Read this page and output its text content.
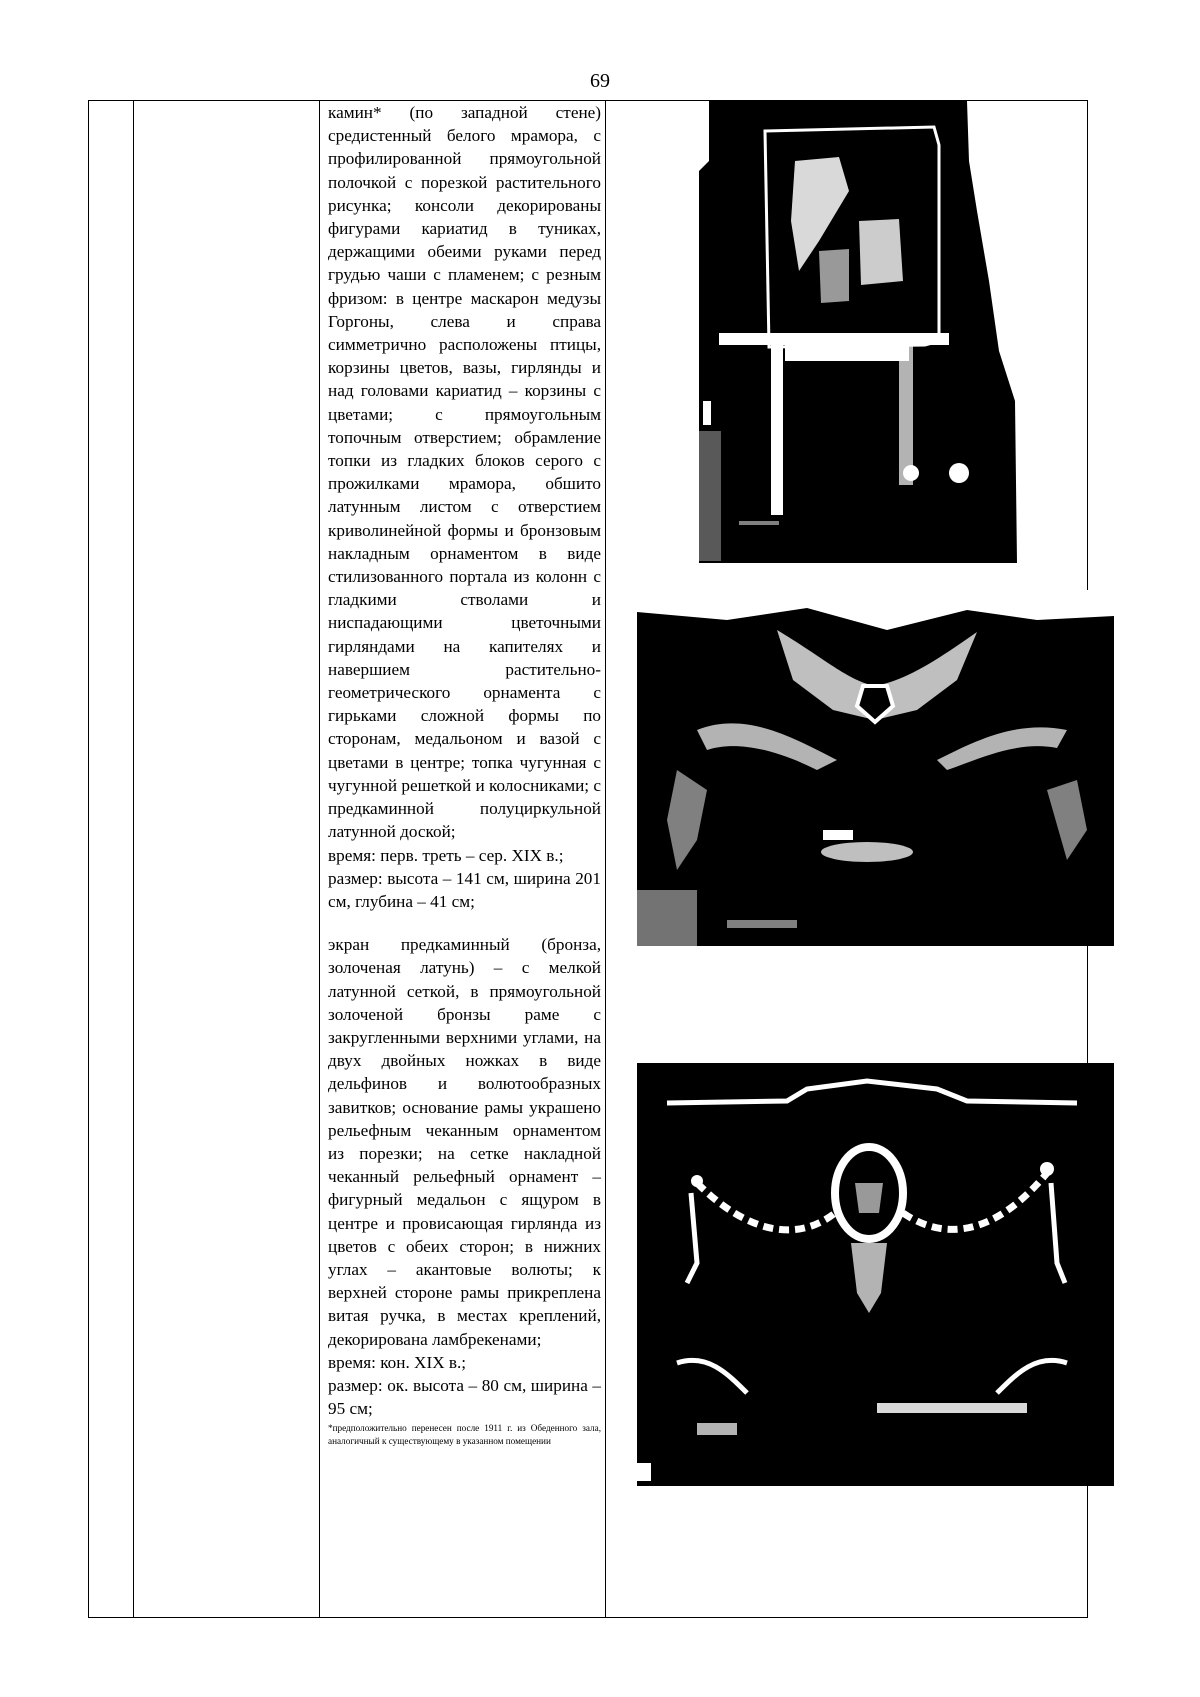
69

камин* (по западной стене) средистенный белого мрамора, с профилированной прямоугольной полочкой с порезкой растительного рисунка; консоли декорированы фигурами кариатид в туниках, держащими обеими руками перед грудью чаши с пламенем; с резным фризом: в центре маскарон медузы Горгоны, слева и справа симметрично расположены птицы, корзины цветов, вазы, гирлянды и над головами кариатид – корзины с цветами; с прямоугольным топочным отверстием; обрамление топки из гладких блоков серого с прожилками мрамора, обшито латунным листом с отверстием криволинейной формы и бронзовым накладным орнаментом в виде стилизованного портала из колонн с гладкими стволами и ниспадающими цветочными гирляндами на капителях и навершием растительно-геометрического орнамента с гирьками сложной формы по сторонам, медальоном и вазой с цветами в центре; топка чугунная с чугунной решеткой и колосниками; с предкаминной полуциркульной латунной доской;

время: перв. треть – сер. XIX в.;

размер: высота – 141 см, ширина 201 см, глубина – 41 см;

экран предкаминный (бронза, золоченая латунь) – с мелкой латунной сеткой, в прямоугольной золоченой бронзы раме с закругленными верхними углами, на двух двойных ножках в виде дельфинов и волютообразных завитков; основание рамы украшено рельефным чеканным орнаментом из порезки; на сетке накладной чеканный рельефный орнамент – фигурный медальон с ящуром в центре и провисающая гирлянда из цветов с обеих сторон; в нижних углах – акантовые волюты; к верхней стороне рамы прикреплена витая ручка, в местах креплений, декорирована ламбрекенами;

время: кон. XIX в.;

размер: ок. высота – 80 см, ширина – 95 см;

*предположительно перенесен после 1911 г. из Обеденного зала, аналогичный к существующему в указанном помещении
